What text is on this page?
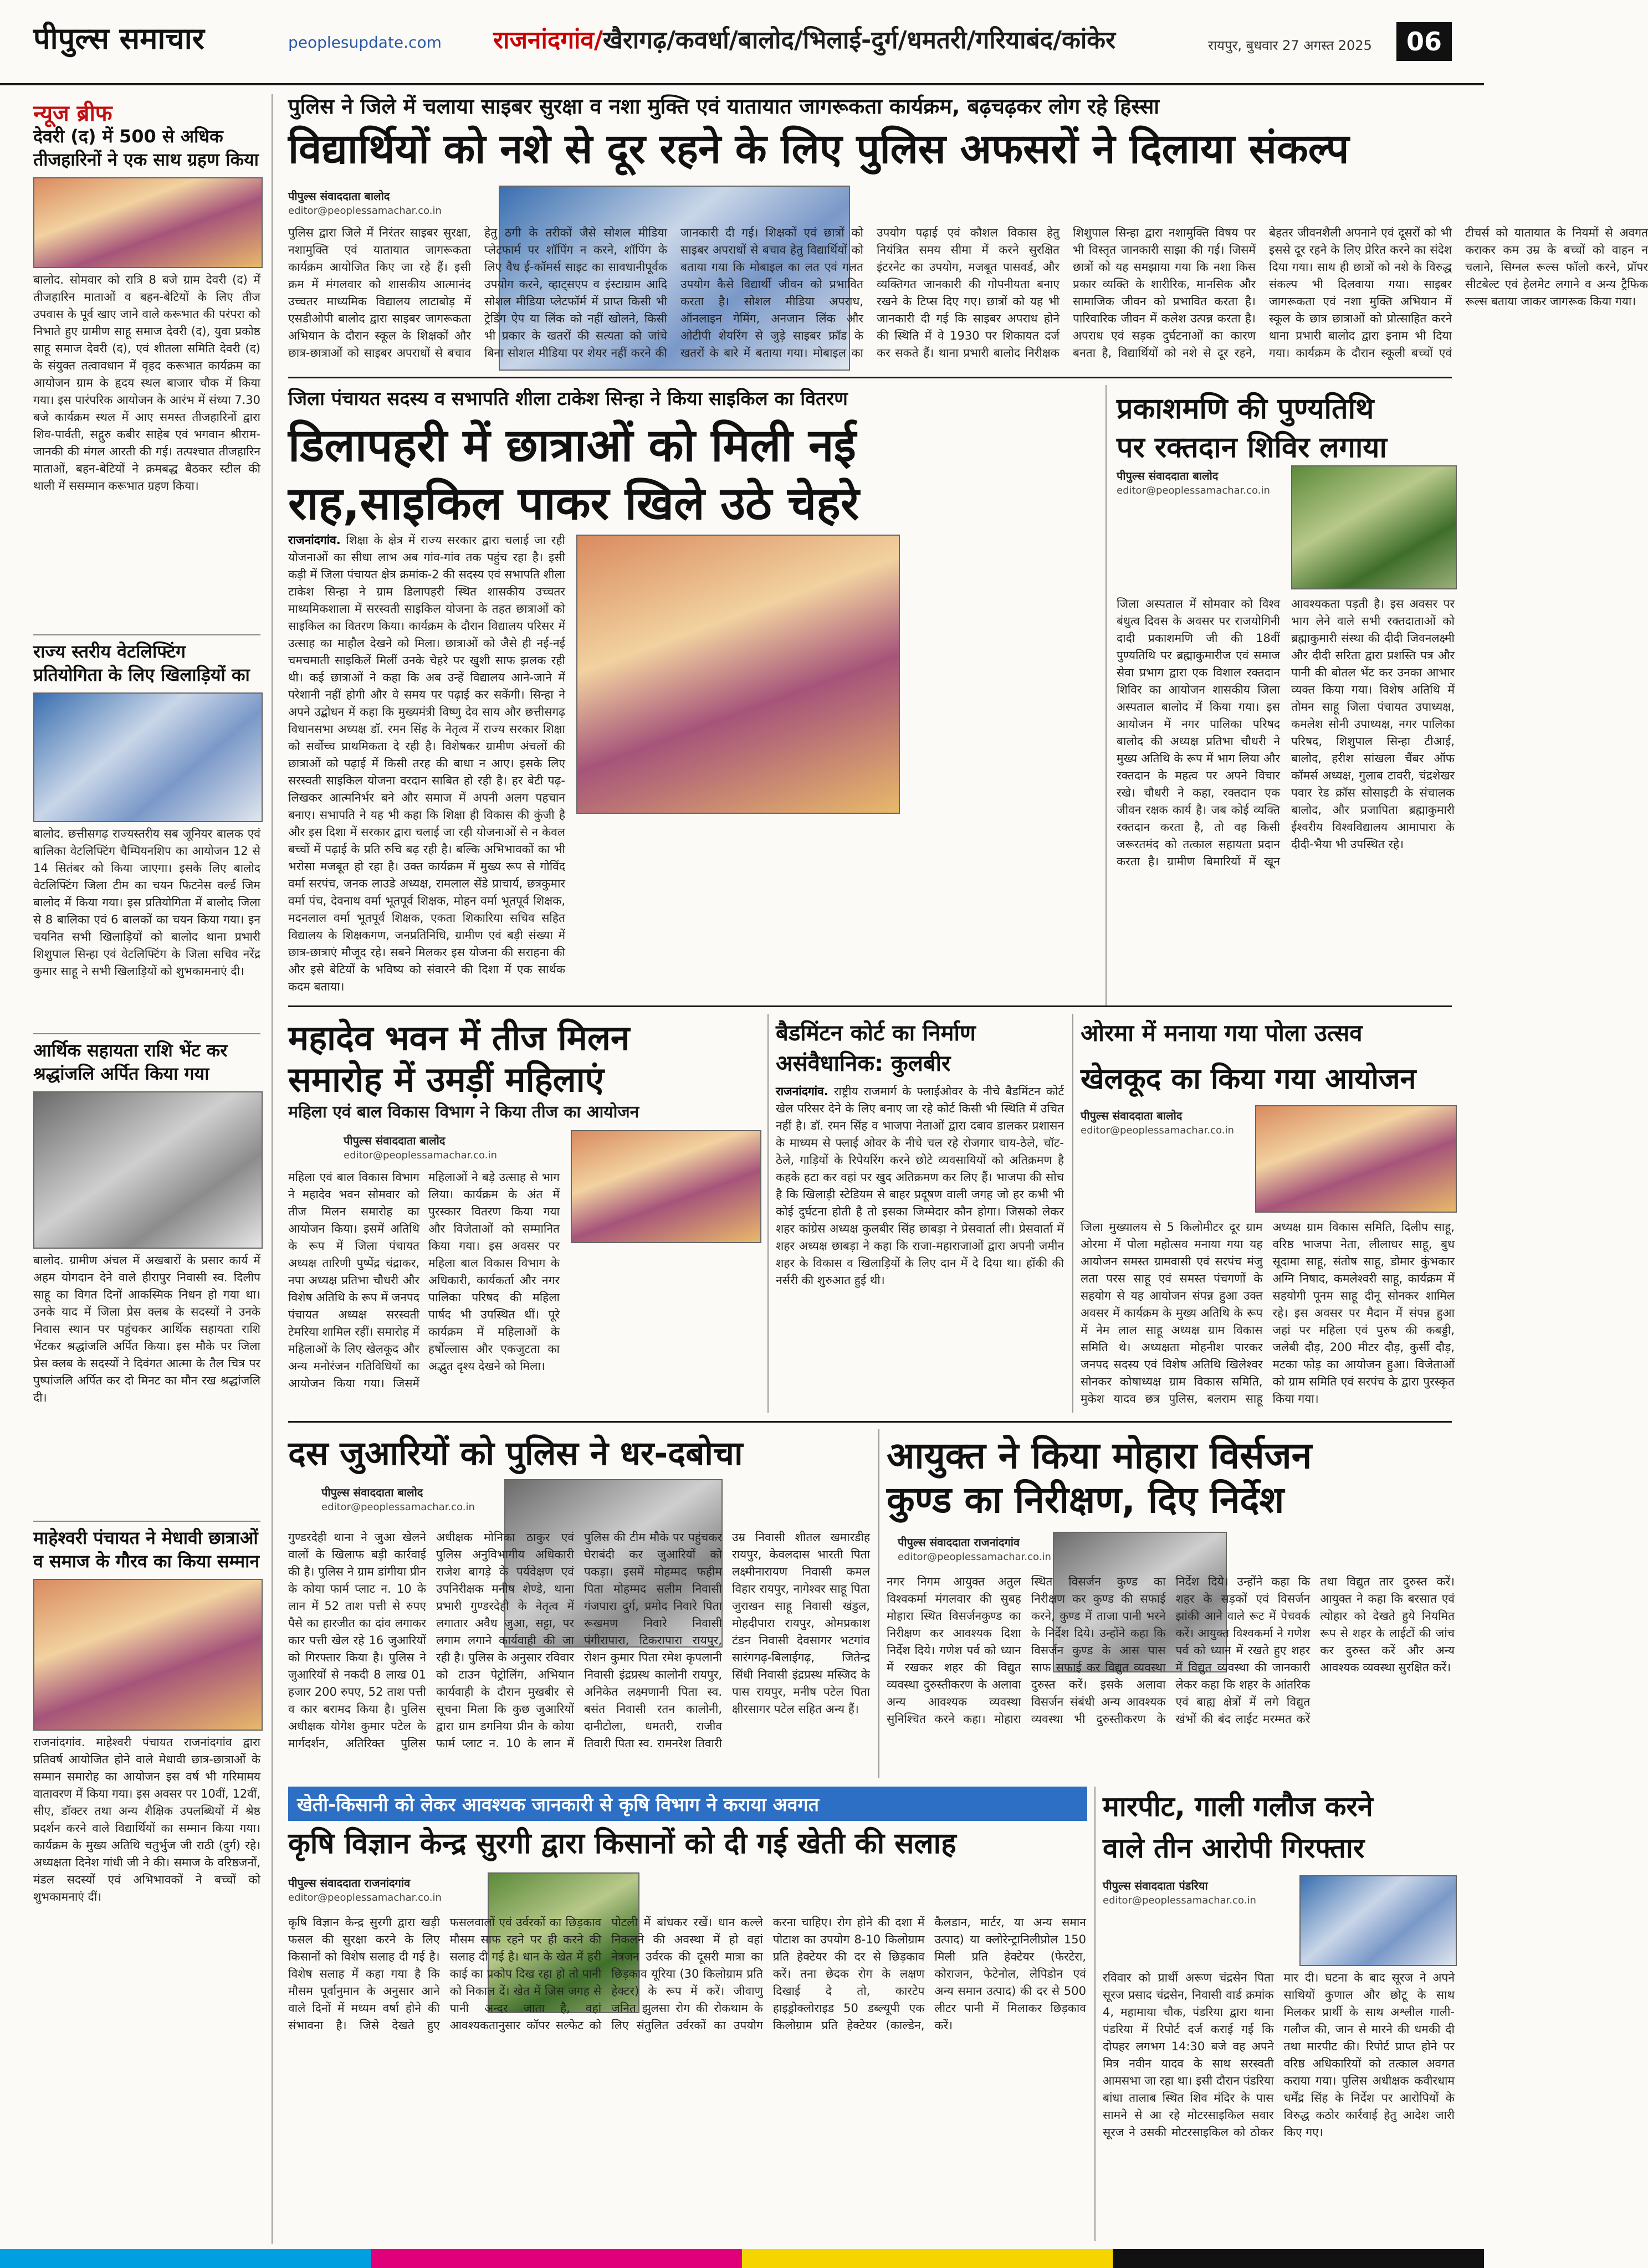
पीपुल्स समाचार	peoplesupdate.com राजनांदगांव/खैरागढ़/कवर्धा/बालोद/भिलाई-दुर्ग/धमतरी/गरियाबंद/कांकेर	रायपुर, बुधवार 27 अगस्त 2025	06
न्यूज ब्रीफ
देवरी (द) में 500 से अधिक तीजहारिनों ने एक साथ ग्रहण किया
बालोद. सोमवार को रात्रि 8 बजे ग्राम देवरी (द) में तीजहारिन माताओं व बहन-बेटियों के लिए तीज उपवास के पूर्व खाए जाने वाले करूभात की परंपरा को निभाते हुए ग्रामीण साहू समाज देवरी (द), युवा प्रकोष्ठ साहू समाज देवरी (द), एवं शीतला समिति देवरी (द) के संयुक्त तत्वावधान में वृहद करूभात कार्यक्रम का आयोजन ग्राम के हृदय स्थल बाजार चौक में किया गया। इस पारंपरिक आयोजन के आरंभ में संध्या 7.30 बजे कार्यक्रम स्थल में आए समस्त तीजहारिनों द्वारा शिव-पार्वती, सद्गुरु कबीर साहेब एवं भगवान श्रीराम-जानकी की मंगल आरती की गई। तत्पश्चात तीजहारिन माताओं, बहन-बेटियों ने क्रमबद्ध बैठकर स्टील की थाली में ससम्मान करूभात ग्रहण किया।
राज्य स्तरीय वेटलिफ्टिंग प्रतियोगिता के लिए खिलाड़ियों का
बालोद. छत्तीसगढ़ राज्यस्तरीय सब जूनियर बालक एवं बालिका वेटलिफ्टिंग चैम्पियनशिप का आयोजन 12 से 14 सितंबर को किया जाएगा। इसके लिए बालोद वेटलिफ्टिंग जिला टीम का चयन फिटनेस वर्ल्ड जिम बालोद में किया गया। इस प्रतियोगिता में बालोद जिला से 8 बालिका एवं 6 बालकों का चयन किया गया। इन चयनित सभी खिलाड़ियों को बालोद थाना प्रभारी शिशुपाल सिन्हा एवं वेटलिफ्टिंग के जिला सचिव नरेंद्र कुमार साहू ने सभी खिलाड़ियों को शुभकामनाएं दी।
आर्थिक सहायता राशि भेंट कर श्रद्धांजलि अर्पित किया गया
बालोद. ग्रामीण अंचल में अखबारों के प्रसार कार्य में अहम योगदान देने वाले हीरापुर निवासी स्व. दिलीप साहू का विगत दिनों आकस्मिक निधन हो गया था। उनके याद में जिला प्रेस क्लब के सदस्यों ने उनके निवास स्थान पर पहुंचकर आर्थिक सहायता राशि भेंटकर श्रद्धांजलि अर्पित किया। इस मौके पर जिला प्रेस क्लब के सदस्यों ने दिवंगत आत्मा के तैल चित्र पर पुष्पांजलि अर्पित कर दो मिनट का मौन रख श्रद्धांजलि दी।
माहेश्वरी पंचायत ने मेधावी छात्राओं व समाज के गौरव का किया सम्मान
राजनांदगांव. माहेश्वरी पंचायत राजनांदगांव द्वारा प्रतिवर्ष आयोजित होने वाले मेधावी छात्र-छात्राओं के सम्मान समारोह का आयोजन इस वर्ष भी गरिमामय वातावरण में किया गया। इस अवसर पर 10वीं, 12वीं, सीए, डॉक्टर तथा अन्य शैक्षिक उपलब्धियों में श्रेष्ठ प्रदर्शन करने वाले विद्यार्थियों का सम्मान किया गया। कार्यक्रम के मुख्य अतिथि चतुर्भुज जी राठी (दुर्ग) रहे। अध्यक्षता दिनेश गांधी जी ने की। समाज के वरिष्ठजनों, मंडल सदस्यों एवं अभिभावकों ने बच्चों को शुभकामनाएं दीं।
पुलिस ने जिले में चलाया साइबर सुरक्षा व नशा मुक्ति एवं यातायात जागरूकता कार्यक्रम, बढ़चढ़कर लोग रहे हिस्सा
विद्यार्थियों को नशे से दूर रहने के लिए पुलिस अफसरों ने दिलाया संकल्प
पीपुल्स संवाददाता बालोद
editor@peoplessamachar.co.in
पुलिस द्वारा जिले में निरंतर साइबर सुरक्षा, नशामुक्ति एवं यातायात जागरूकता कार्यक्रम आयोजित किए जा रहे हैं। इसी क्रम में मंगलवार को शासकीय आत्मानंद उच्चतर माध्यमिक विद्यालय लाटाबोड़ में एसडीओपी बालोद द्वारा साइबर जागरूकता अभियान के दौरान स्कूल के शिक्षकों और छात्र-छात्राओं को साइबर अपराधों से बचाव हेतु ठगी के तरीकों जैसे सोशल मीडिया प्लेटफार्म पर शॉपिंग न करने, शॉपिंग के लिए वैध ई-कॉमर्स साइट का सावधानीपूर्वक उपयोग करने, व्हाट्सएप व इंस्टाग्राम आदि सोशल मीडिया प्लेटफॉर्म में प्राप्त किसी भी ट्रेडिंग ऐप या लिंक को नहीं खोलने, किसी भी प्रकार के खतरों की सत्यता को जांचे बिना सोशल मीडिया पर शेयर नहीं करने की जानकारी दी गई। शिक्षकों एवं छात्रों को साइबर अपराधों से बचाव हेतु विद्यार्थियों को बताया गया कि मोबाइल का लत एवं गलत उपयोग कैसे विद्यार्थी जीवन को प्रभावित करता है। सोशल मीडिया अपराध, ऑनलाइन गेमिंग, अनजान लिंक और ओटीपी शेयरिंग से जुड़े साइबर फ्रॉड के खतरों के बारे में बताया गया। मोबाइल का उपयोग पढ़ाई एवं कौशल विकास हेतु नियंत्रित समय सीमा में करने सुरक्षित इंटरनेट का उपयोग, मजबूत पासवर्ड, और व्यक्तिगत जानकारी की गोपनीयता बनाए रखने के टिप्स दिए गए। छात्रों को यह भी जानकारी दी गई कि साइबर अपराध होने की स्थिति में वे 1930 पर शिकायत दर्ज कर सकते हैं। थाना प्रभारी बालोद निरीक्षक शिशुपाल सिन्हा द्वारा नशामुक्ति विषय पर भी विस्तृत जानकारी साझा की गई। जिसमें छात्रों को यह समझाया गया कि नशा किस प्रकार व्यक्ति के शारीरिक, मानसिक और सामाजिक जीवन को प्रभावित करता है। पारिवारिक जीवन में कलेश उत्पन्न करता है। अपराध एवं सड़क दुर्घटनाओं का कारण बनता है, विद्यार्थियों को नशे से दूर रहने, बेहतर जीवनशैली अपनाने एवं दूसरों को भी इससे दूर रहने के लिए प्रेरित करने का संदेश दिया गया। साथ ही छात्रों को नशे के विरुद्ध संकल्प भी दिलवाया गया। साइबर जागरूकता एवं नशा मुक्ति अभियान में स्कूल के छात्र छात्राओं को प्रोत्साहित करने थाना प्रभारी बालोद द्वारा इनाम भी दिया गया। कार्यक्रम के दौरान स्कूली बच्चों एवं टीचर्स को यातायात के नियमों से अवगत कराकर कम उम्र के बच्चों को वाहन न चलाने, सिग्नल रूल्स फॉलो करने, प्रॉपर सीटबेल्ट एवं हेलमेट लगाने व अन्य ट्रैफिक रूल्स बताया जाकर जागरूक किया गया।
जिला पंचायत सदस्य व सभापति शीला टाकेश सिन्हा ने किया साइकिल का वितरण
डिलापहरी में छात्राओं को मिली नई
राह,साइकिल पाकर खिले उठे चेहरे
राजनांदगांव. शिक्षा के क्षेत्र में राज्य सरकार द्वारा चलाई जा रही योजनाओं का सीधा लाभ अब गांव-गांव तक पहुंच रहा है। इसी कड़ी में जिला पंचायत क्षेत्र क्रमांक-2 की सदस्य एवं सभापति शीला टाकेश सिन्हा ने ग्राम डिलापहरी स्थित शासकीय उच्चतर माध्यमिकशाला में सरस्वती साइकिल योजना के तहत छात्राओं को साइकिल का वितरण किया। कार्यक्रम के दौरान विद्यालय परिसर में उत्साह का माहौल देखने को मिला। छात्राओं को जैसे ही नई-नई चमचमाती साइकिलें मिलीं उनके चेहरे पर खुशी साफ झलक रही थी। कई छात्राओं ने कहा कि अब उन्हें विद्यालय आने-जाने में परेशानी नहीं होगी और वे समय पर पढ़ाई कर सकेंगी। सिन्हा ने अपने उद्बोधन में कहा कि मुख्यमंत्री विष्णु देव साय और छत्तीसगढ़ विधानसभा अध्यक्ष डॉ. रमन सिंह के नेतृत्व में राज्य सरकार शिक्षा को सर्वोच्च प्राथमिकता दे रही है। विशेषकर ग्रामीण अंचलों की छात्राओं को पढ़ाई में किसी तरह की बाधा न आए। इसके लिए सरस्वती साइकिल योजना वरदान साबित हो रही है। हर बेटी पढ़-लिखकर आत्मनिर्भर बने और समाज में अपनी अलग पहचान बनाए। सभापति ने यह भी कहा कि शिक्षा ही विकास की कुंजी है और इस दिशा में सरकार द्वारा चलाई जा रही योजनाओं से न केवल बच्चों में पढ़ाई के प्रति रुचि बढ़ रही है। बल्कि अभिभावकों का भी भरोसा मजबूत हो रहा है। उक्त कार्यक्रम में मुख्य रूप से गोविंद वर्मा सरपंच, जनक लाउडे अध्यक्ष, रामलाल सेंडे प्राचार्य, छत्रकुमार वर्मा पंच, देवनाथ वर्मा भूतपूर्व शिक्षक, मोहन वर्मा भूतपूर्व शिक्षक, मदनलाल वर्मा भूतपूर्व शिक्षक, एकता शिकारिया सचिव सहित विद्यालय के शिक्षकगण, जनप्रतिनिधि, ग्रामीण एवं बड़ी संख्या में छात्र-छात्राएं मौजूद रहे। सबने मिलकर इस योजना की सराहना की और इसे बेटियों के भविष्य को संवारने की दिशा में एक सार्थक कदम बताया।
प्रकाशमणि की पुण्यतिथि
पर रक्तदान शिविर लगाया
पीपुल्स संवाददाता बालोद
editor@peoplessamachar.co.in
जिला अस्पताल में सोमवार को विश्व बंधुत्व दिवस के अवसर पर राजयोगिनी दादी प्रकाशमणि जी की 18वीं पुण्यतिथि पर ब्रह्माकुमारीज एवं समाज सेवा प्रभाग द्वारा एक विशाल रक्तदान शिविर का आयोजन शासकीय जिला अस्पताल बालोद में किया गया। इस आयोजन में नगर पालिका परिषद बालोद की अध्यक्ष प्रतिभा चौधरी ने मुख्य अतिथि के रूप में भाग लिया और रक्तदान के महत्व पर अपने विचार रखे। चौधरी ने कहा, रक्तदान एक जीवन रक्षक कार्य है। जब कोई व्यक्ति रक्तदान करता है, तो वह किसी जरूरतमंद को तत्काल सहायता प्रदान करता है। ग्रामीण बिमारियों में खून आवश्यकता पड़ती है। इस अवसर पर भाग लेने वाले सभी रक्तदाताओं को ब्रह्माकुमारी संस्था की दीदी जिवनलक्ष्मी और दीदी सरिता द्वारा प्रशस्ति पत्र और पानी की बोतल भेंट कर उनका आभार व्यक्त किया गया। विशेष अतिथि में तोमन साहू जिला पंचायत उपाध्यक्ष, कमलेश सोनी उपाध्यक्ष, नगर पालिका परिषद, शिशुपाल सिन्हा टीआई, बालोद, हरीश सांखला चैंबर ऑफ कॉमर्स अध्यक्ष, गुलाब टावरी, चंद्रशेखर पवार रेड क्रॉस सोसाइटी के संचालक बालोद, और प्रजापिता ब्रह्माकुमारी ईश्वरीय विश्वविद्यालय आमापारा के दीदी-भैया भी उपस्थित रहे।
महादेव भवन में तीज मिलन
समारोह में उमड़ीं महिलाएं
महिला एवं बाल विकास विभाग ने किया तीज का आयोजन
पीपुल्स संवाददाता बालोद
editor@peoplessamachar.co.in
महिला एवं बाल विकास विभाग ने महादेव भवन सोमवार को तीज मिलन समारोह का आयोजन किया। इसमें अतिथि के रूप में जिला पंचायत अध्यक्ष तारिणी पुष्पेंद्र चंद्राकर, नपा अध्यक्ष प्रतिभा चौधरी और विशेष अतिथि के रूप में जनपद पंचायत अध्यक्ष सरस्वती टेमरिया शामिल रहीं। समारोह में महिलाओं के लिए खेलकूद और अन्य मनोरंजन गतिविधियों का आयोजन किया गया। जिसमें महिलाओं ने बड़े उत्साह से भाग लिया। कार्यक्रम के अंत में पुरस्कार वितरण किया गया और विजेताओं को सम्मानित किया गया। इस अवसर पर महिला बाल विकास विभाग के अधिकारी, कार्यकर्ता और नगर पालिका परिषद की महिला पार्षद भी उपस्थित थीं। पूरे कार्यक्रम में महिलाओं के हर्षोल्लास और एकजुटता का अद्भुत दृश्य देखने को मिला।
बैडमिंटन कोर्ट का निर्माण
असंवैधानिक: कुलबीर
राजनांदगांव. राष्ट्रीय राजमार्ग के फ्लाईओवर के नीचे बैडमिंटन कोर्ट खेल परिसर देने के लिए बनाए जा रहे कोर्ट किसी भी स्थिति में उचित नहीं है। डॉ. रमन सिंह व भाजपा नेताओं द्वारा दबाव डालकर प्रशासन के माध्यम से फ्लाई ओवर के नीचे चल रहे रोजगार चाय-ठेले, चॉट-ठेले, गाड़ियों के रिपेयरिंग करने छोटे व्यवसायियों को अतिक्रमण है कहके हटा कर वहां पर खुद अतिक्रमण कर लिए हैं। भाजपा की सोच है कि खिलाड़ी स्टेडियम से बाहर प्रदूषण वाली जगह जो हर कभी भी कोई दुर्घटना होती है तो इसका जिम्मेदार कौन होगा। जिसको लेकर शहर कांग्रेस अध्यक्ष कुलबीर सिंह छाबड़ा ने प्रेसवार्ता ली। प्रेसवार्ता में शहर अध्यक्ष छाबड़ा ने कहा कि राजा-महाराजाओं द्वारा अपनी जमीन शहर के विकास व खिलाड़ियों के लिए दान में दे दिया था। हॉकी की नर्सरी की शुरुआत हुई थी।
ओरमा में मनाया गया पोला उत्सव
खेलकूद का किया गया आयोजन
पीपुल्स संवाददाता बालोद
editor@peoplessamachar.co.in
जिला मुख्यालय से 5 किलोमीटर दूर ग्राम ओरमा में पोला महोत्सव मनाया गया यह आयोजन समस्त ग्रामवासी एवं सरपंच मंजु लता परस साहू एवं समस्त पंचगणों के सहयोग से यह आयोजन संपन्न हुआ उक्त अवसर में कार्यक्रम के मुख्य अतिथि के रूप में नेम लाल साहू अध्यक्ष ग्राम विकास समिति थे। अध्यक्षता मोहनीश पारकर जनपद सदस्य एवं विशेष अतिथि खिलेश्वर सोनकर कोषाध्यक्ष ग्राम विकास समिति, मुकेश यादव छत्र पुलिस, बलराम साहू अध्यक्ष ग्राम विकास समिति, दिलीप साहू, वरिष्ठ भाजपा नेता, लीलाधर साहू, बुध सूदामा साहू, संतोष साहू, डोमार कुंभकार अग्नि निषाद, कमलेश्वरी साहू, कार्यक्रम में सहयोगी पूनम साहू दीनू सोनकर शामिल रहे। इस अवसर पर मैदान में संपन्न हुआ जहां पर महिला एवं पुरुष की कबड्डी, जलेबी दौड़, 200 मीटर दौड़, कुर्सी दौड़, मटका फोड़ का आयोजन हुआ। विजेताओं को ग्राम समिति एवं सरपंच के द्वारा पुरस्कृत किया गया।
दस जुआरियों को पुलिस ने धर-दबोचा
पीपुल्स संवाददाता बालोद
editor@peoplessamachar.co.in
गुण्डरदेही थाना ने जुआ खेलने वालों के खिलाफ बड़ी कार्रवाई की है। पुलिस ने ग्राम डांगीया प्रीन के कोया फार्म प्लाट न. 10 के लान में 52 ताश पत्ती से रुपए पैसे का हारजीत का दांव लगाकर कार पत्ती खेल रहे 16 जुआरियों को गिरफ्तार किया है। पुलिस ने जुआरियों से नकदी 8 लाख 01 हजार 200 रुपए, 52 ताश पत्ती व कार बरामद किया है। पुलिस अधीक्षक योगेश कुमार पटेल के मार्गदर्शन, अतिरिक्त पुलिस अधीक्षक मोनिका ठाकुर एवं पुलिस अनुविभागीय अधिकारी राजेश बागड़े के पर्यवेक्षण एवं उपनिरीक्षक मनीष शेण्डे, थाना प्रभारी गुण्डरदेही के नेतृत्व में लगातार अवैध जुआ, सट्टा, पर लगाम लगाने कार्यवाही की जा रही है। पुलिस के अनुसार रविवार को टाउन पेट्रोलिंग, अभियान कार्यवाही के दौरान मुखबीर से सूचना मिला कि कुछ जुआरियों द्वारा ग्राम डगनिया प्रीन के कोया फार्म प्लाट न. 10 के लान में पुलिस की टीम मौके पर पहुंचकर घेराबंदी कर जुआरियों को पकड़ा। इसमें मोहम्मद फहीम पिता मोहम्मद सलीम निवासी गंजपारा दुर्ग, प्रमोद निवारे पिता रूखमण निवारे निवासी पंगीरापारा, टिकरापारा रायपुर, रोशन कुमार पिता रमेश कृपलानी निवासी इंद्रप्रस्थ कालोनी रायपुर, अनिकेत लक्ष्मणानी पिता स्व. बसंत निवासी रतन कालोनी, दानीटोला, धमतरी, राजीव तिवारी पिता स्व. रामनरेश तिवारी उम्र निवासी शीतल खमारडीह रायपुर, केवलदास भारती पिता लक्ष्मीनारायण निवासी कमल विहार रायपुर, नागेश्वर साहू पिता जुराखन साहू निवासी खंडुल, मोहदीपारा रायपुर, ओमप्रकाश टंडन निवासी देवसागर भटगांव सारंगगढ़-बिलाईगढ़, जितेन्द्र सिंधी निवासी इंद्रप्रस्थ मस्जिद के पास रायपुर, मनीष पटेल पिता क्षीरसागर पटेल सहित अन्य हैं।
आयुक्त ने किया मोहारा विर्सजन
कुण्ड का निरीक्षण, दिए निर्देश
पीपुल्स संवाददाता राजनांदगांव
editor@peoplessamachar.co.in
नगर निगम आयुक्त अतुल विश्वकर्मा मंगलवार की सुबह मोहारा स्थित विसर्जनकुण्ड का निरीक्षण कर आवश्यक दिशा निर्देश दिये। गणेश पर्व को ध्यान में रखकर शहर की विद्युत व्यवस्था दुरुस्तीकरण के अलावा अन्य आवश्यक व्यवस्था सुनिश्चित करने कहा। मोहारा स्थित विसर्जन कुण्ड का निरीक्षण कर कुण्ड की सफाई करने, कुण्ड में ताजा पानी भरने के निर्देश दिये। उन्होंने कहा कि विसर्जन कुण्ड के आस पास साफ सफाई कर विद्युत व्यवस्था दुरुस्त करें। इसके अलावा विसर्जन संबंधी अन्य आवश्यक व्यवस्था भी दुरुस्तीकरण के निर्देश दिये। उन्होंने कहा कि शहर के सड़कों एवं विसर्जन झांकी आने वाले रूट में पेचवर्क करें। आयुक्त विश्वकर्मा ने गणेश पर्व को ध्यान में रखते हुए शहर में विद्युत व्यवस्था की जानकारी लेकर कहा कि शहर के आंतरिक एवं बाह्य क्षेत्रों में लगे विद्युत खंभों की बंद लाईट मरम्मत करें तथा विद्युत तार दुरुस्त करें। आयुक्त ने कहा कि बरसात एवं त्योहार को देखते हुये नियमित रूप से शहर के लाईटों की जांच कर दुरुस्त करें और अन्य आवश्यक व्यवस्था सुरक्षित करें।
खेती-किसानी को लेकर आवश्यक जानकारी से कृषि विभाग ने कराया अवगत
कृषि विज्ञान केन्द्र सुरगी द्वारा किसानों को दी गई खेती की सलाह
पीपुल्स संवाददाता राजनांदगांव
editor@peoplessamachar.co.in
कृषि विज्ञान केन्द्र सुरगी द्वारा खड़ी फसल की सुरक्षा करने के लिए किसानों को विशेष सलाह दी गई है। विशेष सलाह में कहा गया है कि मौसम पूर्वानुमान के अनुसार आने वाले दिनों में मध्यम वर्षा होने की संभावना है। जिसे देखते हुए फसलवालों एवं उर्वरकों का छिड़काव मौसम साफ रहने पर ही करने की सलाह दी गई है। धान के खेत में हरी काई का प्रकोप दिख रहा हो तो पानी को निकाल दें। खेत में जिस जगह से पानी अन्दर जाता है, वहां आवश्यकतानुसार कॉपर सल्फेट को पोटली में बांधकर रखें। धान कल्ले निकलने की अवस्था में हो वहां नेत्रजन उर्वरक की दूसरी मात्रा का छिड़काव यूरिया (30 किलोग्राम प्रति हेक्टर) के रूप में करें। जीवाणु जनित झुलसा रोग की रोकथाम के लिए संतुलित उर्वरकों का उपयोग करना चाहिए। रोग होने की दशा में पोटाश का उपयोग 8-10 किलोग्राम प्रति हेक्टेयर की दर से छिड़काव करें। तना छेदक रोग के लक्षण दिखाई दे तो, कारटेप हाइड्रोक्लोराइड 50 डब्ल्यूपी एक किलोग्राम प्रति हेक्टेयर (काल्डेन, कैलडान, मार्टर, या अन्य समान उत्पाद) या क्लोरेन्ट्रानिलीप्रोल 150 मिली प्रति हेक्टेयर (फेरटेरा, कोराजन, फेटेनोल, लेपिडोन एवं अन्य समान उत्पाद) की दर से 500 लीटर पानी में मिलाकर छिड़काव करें।
मारपीट, गाली गलौज करने
वाले तीन आरोपी गिरफ्तार
पीपुल्स संवाददाता पंडरिया
editor@peoplessamachar.co.in
रविवार को प्रार्थी अरूण चंद्रसेन पिता सूरज प्रसाद चंद्रसेन, निवासी वार्ड क्रमांक 4, महामाया चौक, पंडरिया द्वारा थाना पंडरिया में रिपोर्ट दर्ज कराई गई कि दोपहर लगभग 14:30 बजे वह अपने मित्र नवीन यादव के साथ सरस्वती आमसभा जा रहा था। इसी दौरान पंडरिया बांधा तालाब स्थित शिव मंदिर के पास सामने से आ रहे मोटरसाइकिल सवार सूरज ने उसकी मोटरसाइकिल को ठोकर मार दी। घटना के बाद सूरज ने अपने साथियों कुणाल और छोटू के साथ मिलकर प्रार्थी के साथ अश्लील गाली-गलौज की, जान से मारने की धमकी दी तथा मारपीट की। रिपोर्ट प्राप्त होने पर वरिष्ठ अधिकारियों को तत्काल अवगत कराया गया। पुलिस अधीक्षक कवीरधाम धर्मेंद्र सिंह के निर्देश पर आरोपियों के विरुद्ध कठोर कार्रवाई हेतु आदेश जारी किए गए।
